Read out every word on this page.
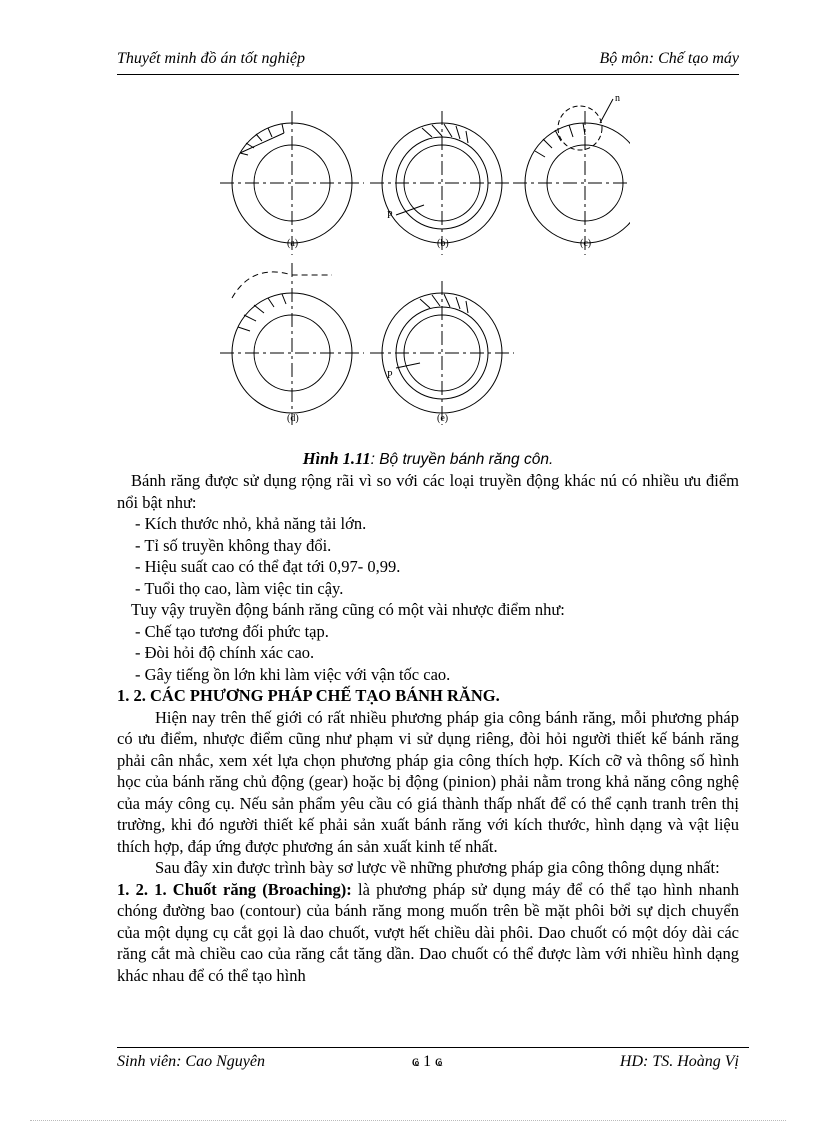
Thuyết minh đồ án tốt nghiệp	Bộ môn: Chế tạo máy
(a)	(b)	(c)
(d)	(e)
P
P
n
Hình 1.11: Bộ truyền bánh răng côn.
Bánh răng được sử dụng rộng rãi vì so với các loại truyền động khác nú có nhiều ưu điểm nổi bật như:
- Kích thước nhỏ, khả năng tải lớn.
- Tỉ số truyền không thay đổi.
- Hiệu suất cao có thể đạt tới 0,97- 0,99.
- Tuổi thọ cao, làm việc tin cậy.
Tuy vậy truyền động bánh răng cũng có một vài nhược điểm như:
- Chế tạo tương đối phức tạp.
- Đòi hỏi độ chính xác cao.
- Gây tiếng ồn lớn khi làm việc với vận tốc cao.
1. 2. CÁC PHƯƠNG PHÁP CHẾ TẠO BÁNH RĂNG.
Hiện nay trên thế giới có rất nhiều phương pháp gia công bánh răng, mỗi phương pháp có ưu điểm, nhược điểm cũng như phạm vi sử dụng riêng, đòi hỏi người thiết kế bánh răng phải cân nhắc, xem xét lựa chọn phương pháp gia công thích hợp. Kích cỡ và thông số hình học của bánh răng chủ động (gear) hoặc bị động (pinion) phải nằm trong khả năng công nghệ của máy công cụ. Nếu sản phẩm yêu cầu có giá thành thấp nhất để có thể cạnh tranh trên thị trường, khi đó người thiết kế phải sản xuất bánh răng với kích thước, hình dạng và vật liệu thích hợp, đáp ứng được phương án sản xuất kinh tế nhất.
Sau đây xin được trình bày sơ lược về những phương pháp gia công thông dụng nhất:
1. 2. 1. Chuốt răng (Broaching): là phương pháp sử dụng máy để có thể tạo hình nhanh chóng đường bao (contour) của bánh răng mong muốn trên bề mặt phôi bởi sự dịch chuyển của một dụng cụ cắt gọi là dao chuốt, vượt hết chiều dài phôi. Dao chuốt có một dóy dài các răng cắt mà chiều cao của răng cắt tăng dần. Dao chuốt có thể được làm với nhiều hình dạng khác nhau để có thể tạo hình
Sinh viên: Cao Nguyên	ҩ 1 ҩ	HD: TS. Hoàng Vị
